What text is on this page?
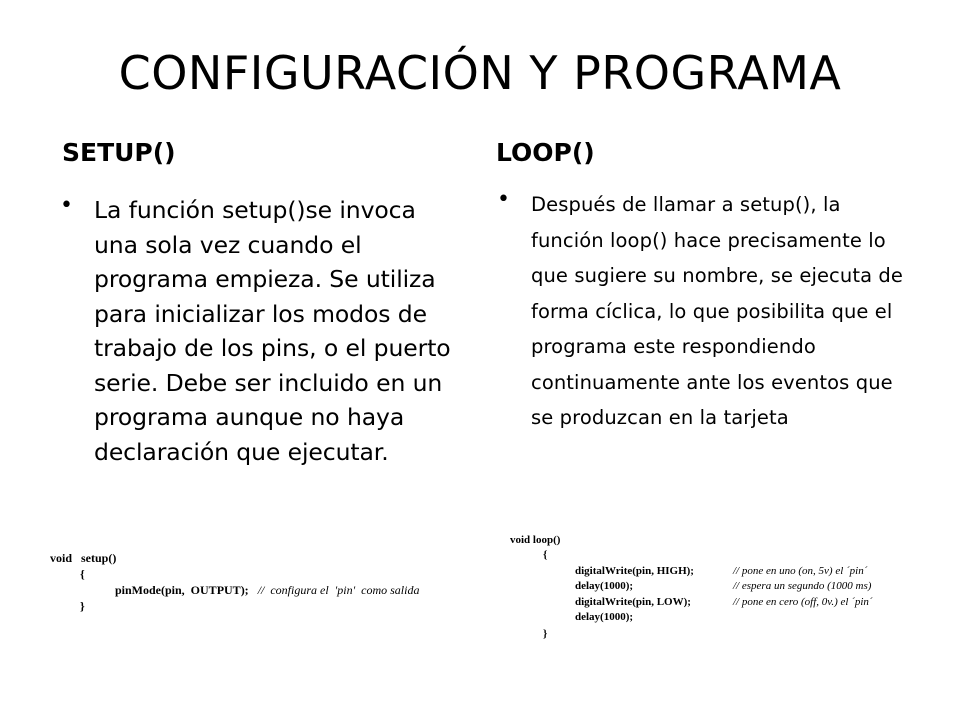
CONFIGURACIÓN Y PROGRAMA
SETUP()
• La función setup()se invoca una sola vez cuando el programa empieza. Se utiliza para inicializar los modos de trabajo de los pins, o el puerto serie. Debe ser incluido en un programa aunque no haya declaración que ejecutar.
void   setup()
{
pinMode(pin,  OUTPUT); //  configura el  'pin'  como salida
}
LOOP()
• Después de llamar a setup(), la función loop() hace precisamente lo que sugiere su nombre, se ejecuta de forma cíclica, lo que posibilita que el programa este respondiendo continuamente ante los eventos que se produzcan en la tarjeta
void loop()
{
digitalWrite(pin, HIGH);	// pone en uno (on, 5v) el ´pin´
delay(1000);	// espera un segundo (1000 ms)
digitalWrite(pin, LOW);	// pone en cero (off, 0v.) el ´pin´
delay(1000);
}
